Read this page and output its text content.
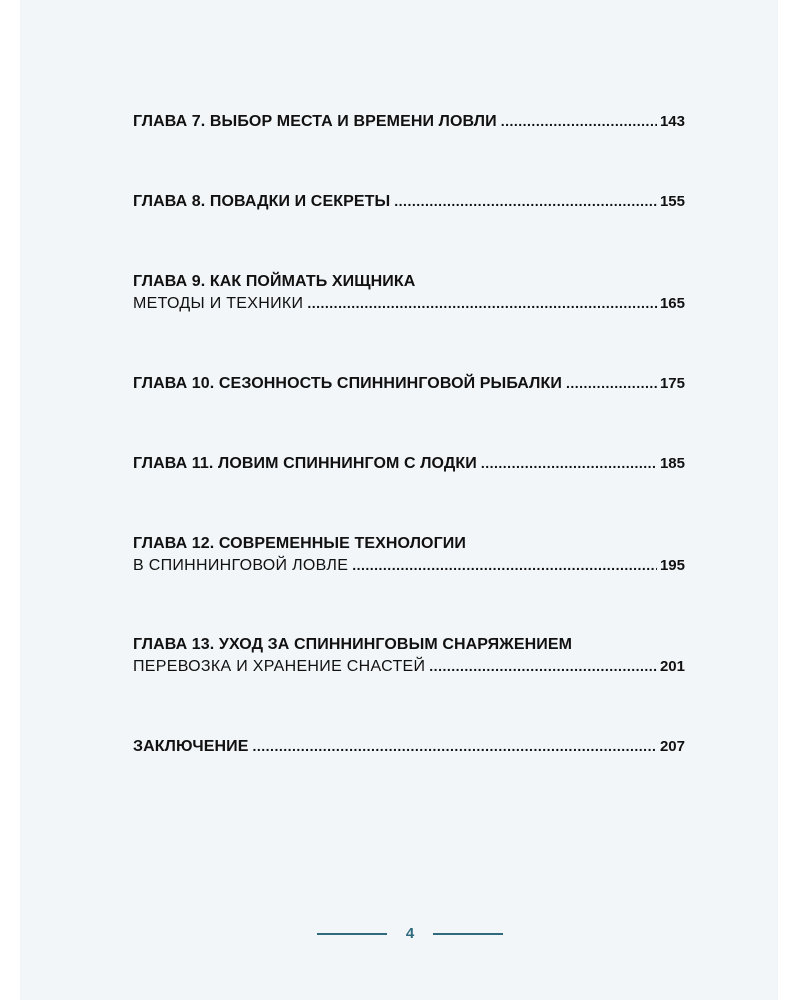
ГЛАВА 7. ВЫБОР МЕСТА И ВРЕМЕНИ ЛОВЛИ .....	143
ГЛАВА 8. ПОВАДКИ И СЕКРЕТЫ .....	155
ГЛАВА 9. КАК ПОЙМАТЬ ХИЩНИКА
МЕТОДЫ И ТЕХНИКИ .....	165
ГЛАВА 10. СЕЗОННОСТЬ СПИННИНГОВОЙ РЫБАЛКИ .....	175
ГЛАВА 11. ЛОВИМ СПИННИНГОМ С ЛОДКИ .....	185
ГЛАВА 12. СОВРЕМЕННЫЕ ТЕХНОЛОГИИ
В СПИННИНГОВОЙ ЛОВЛЕ .....	195
ГЛАВА 13. УХОД ЗА СПИННИНГОВЫМ СНАРЯЖЕНИЕМ
ПЕРЕВОЗКА И ХРАНЕНИЕ СНАСТЕЙ .....	201
ЗАКЛЮЧЕНИЕ .....	207
4
